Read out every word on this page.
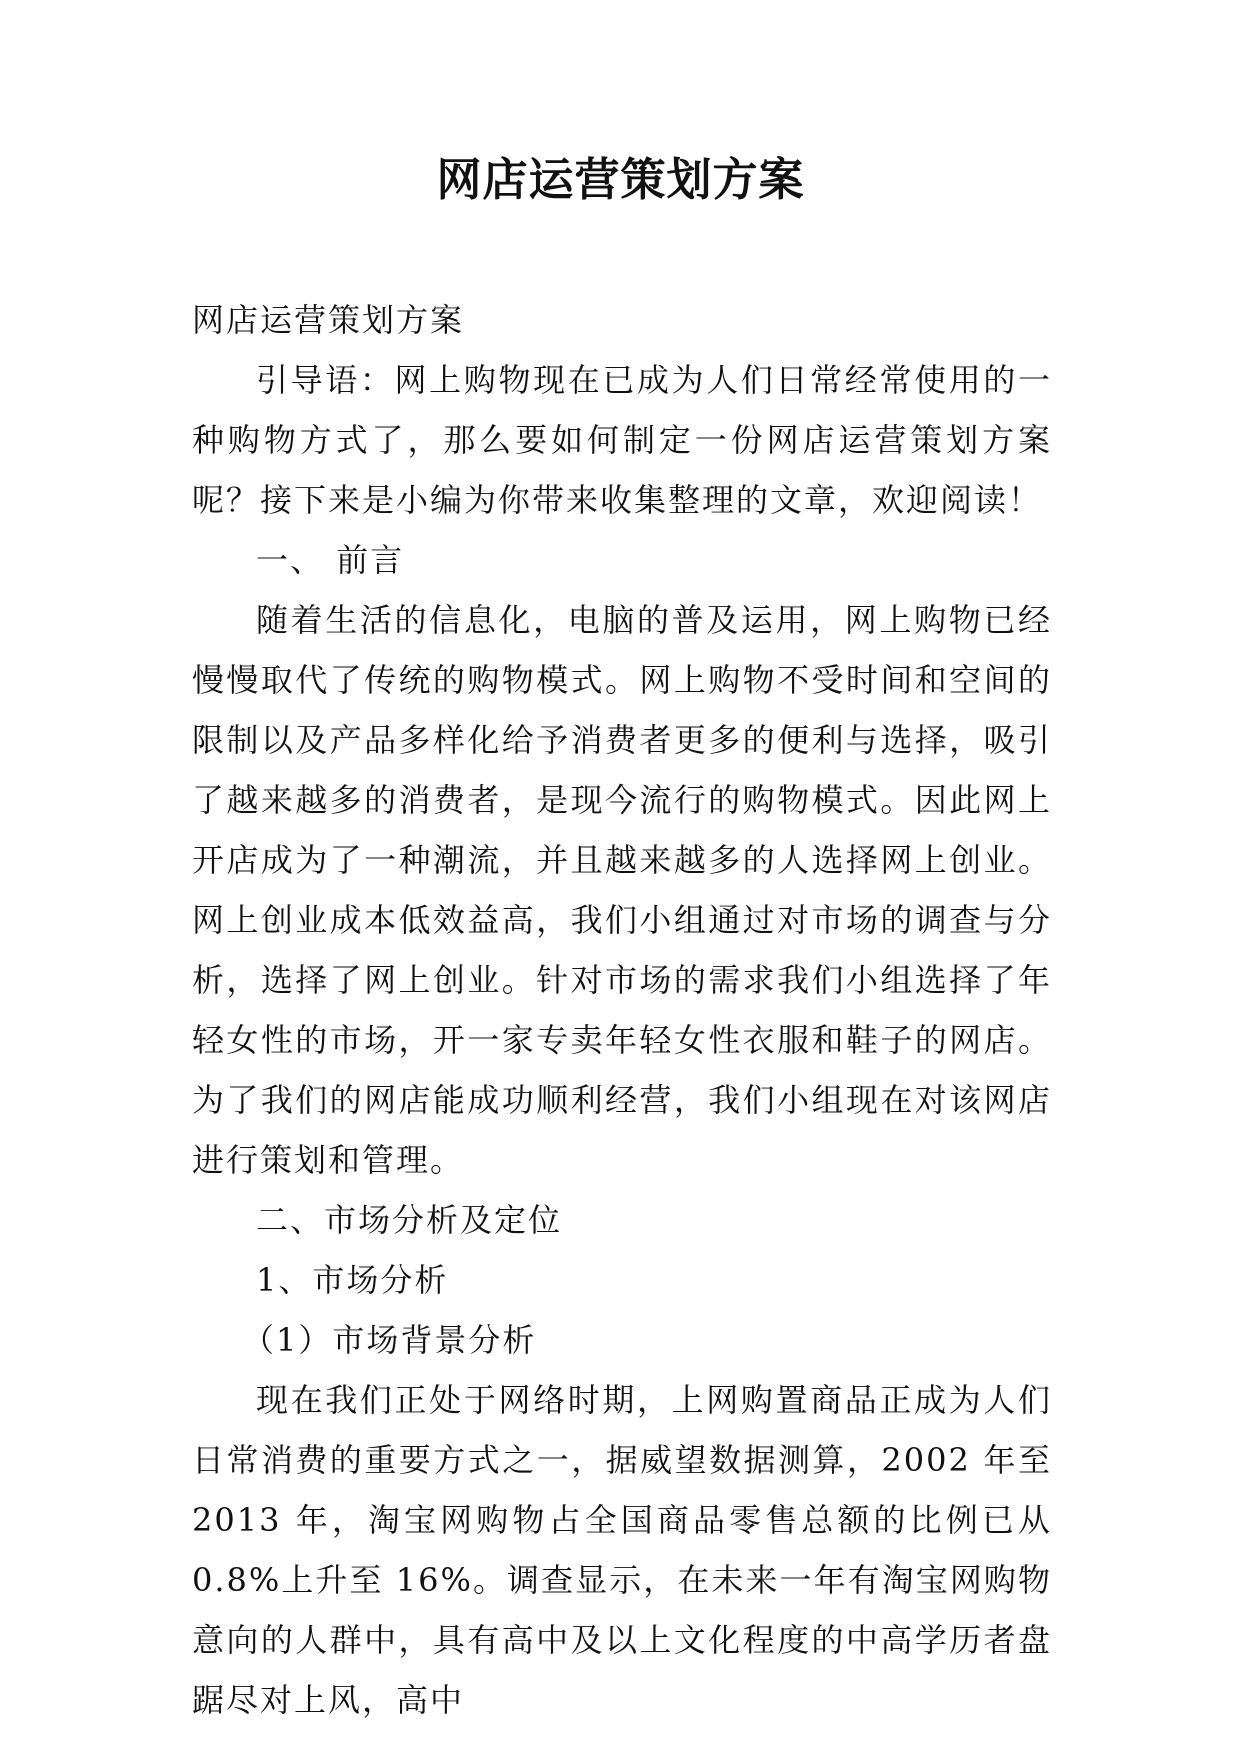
网店运营策划方案

网店运营策划方案

引导语：网上购物现在已成为人们日常经常使用的一种购物方式了，那么要如何制定一份网店运营策划方案呢？接下来是小编为你带来收集整理的文章，欢迎阅读！

一、 前言

随着生活的信息化，电脑的普及运用，网上购物已经慢慢取代了传统的购物模式。网上购物不受时间和空间的限制以及产品多样化给予消费者更多的便利与选择，吸引了越来越多的消费者，是现今流行的购物模式。因此网上开店成为了一种潮流，并且越来越多的人选择网上创业。网上创业成本低效益高，我们小组通过对市场的调查与分析，选择了网上创业。针对市场的需求我们小组选择了年轻女性的市场，开一家专卖年轻女性衣服和鞋子的网店。为了我们的网店能成功顺利经营，我们小组现在对该网店进行策划和管理。

二、市场分析及定位

1、市场分析

（1）市场背景分析

现在我们正处于网络时期，上网购置商品正成为人们日常消费的重要方式之一，据威望数据测算，2002 年至 2013 年，淘宝网购物占全国商品零售总额的比例已从 0.8%上升至 16%。调查显示，在未来一年有淘宝网购物意向的人群中，具有高中及以上文化程度的中高学历者盘踞尽对上风，高中
